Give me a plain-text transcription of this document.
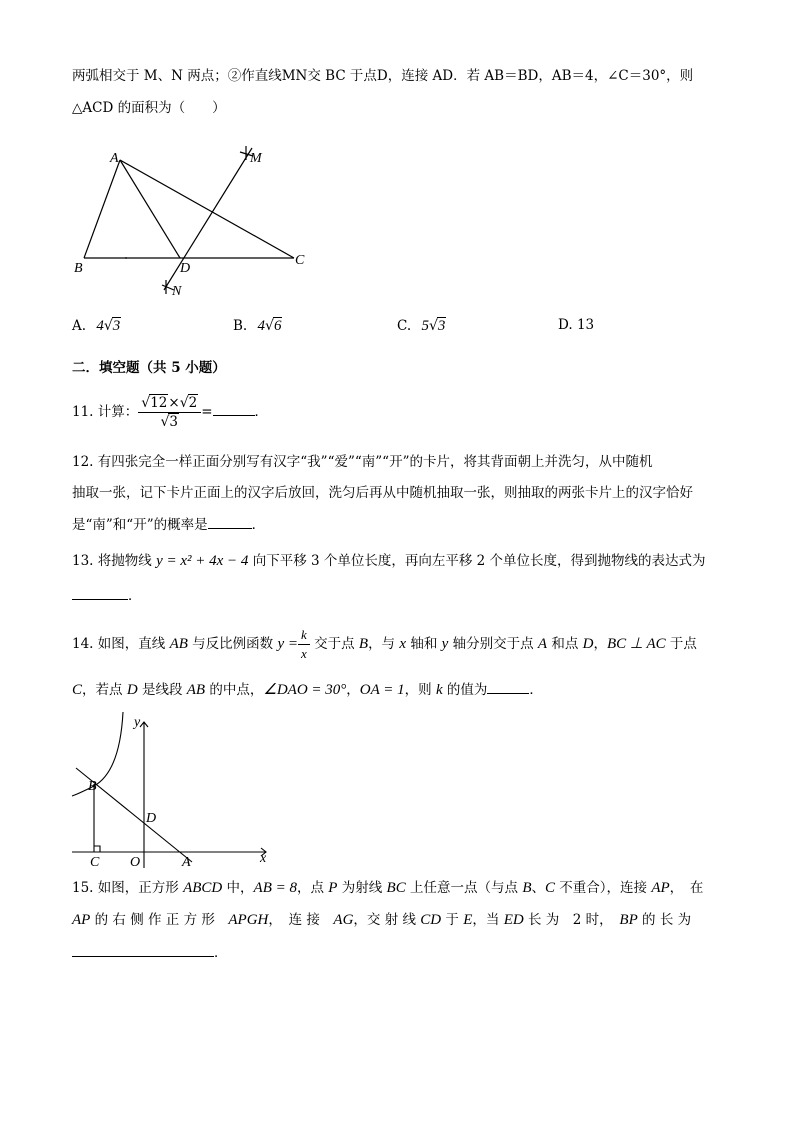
两弧相交于 M、N 两点；②作直线MN交 BC 于点D，连接 AD．若 AB＝BD，AB＝4，∠C＝30°，则
△ACD 的面积为（　　）
A
B
C
D
M
N
A. 4√3	B. 4√6	C. 5√3	D. 13
二．填空题（共 5 小题）
11. 计算： $\frac{√12\times√2}{√3}$ =	．
12. 有四张完全一样正面分别写有汉字“我”“爱”“南”“开”的卡片，将其背面朝上并洗匀，从中随机
抽取一张，记下卡片正面上的汉字后放回，洗匀后再从中随机抽取一张，则抽取的两张卡片上的汉字恰好
是“南”和“开”的概率是	．
13. 将抛物线 y = x² + 4x − 4 向下平移 3 个单位长度，再向左平移 2 个单位长度，得到抛物线的表达式为
．
14. 如图，直线 AB 与反比例函数 $y = \frac{k}{x}$ 交于点 B，与 x 轴和 y 轴分别交于点 A 和点 D，BC ⊥ AC 于点
C，若点 D 是线段 AB 的中点，∠DAO = 30°，OA = 1，则 k 的值为	．
y
x
B
D
C O	A
15. 如图，正方形 ABCD 中，AB = 8，点 P 为射线 BC 上任意一点（与点 B、C 不重合），连接 AP，　在
AP 的 右 侧 作 正 方 形　APGH，　连 接　AG，交 射 线 CD 于 E，当 ED 长 为　2 时，　BP 的 长 为
．
